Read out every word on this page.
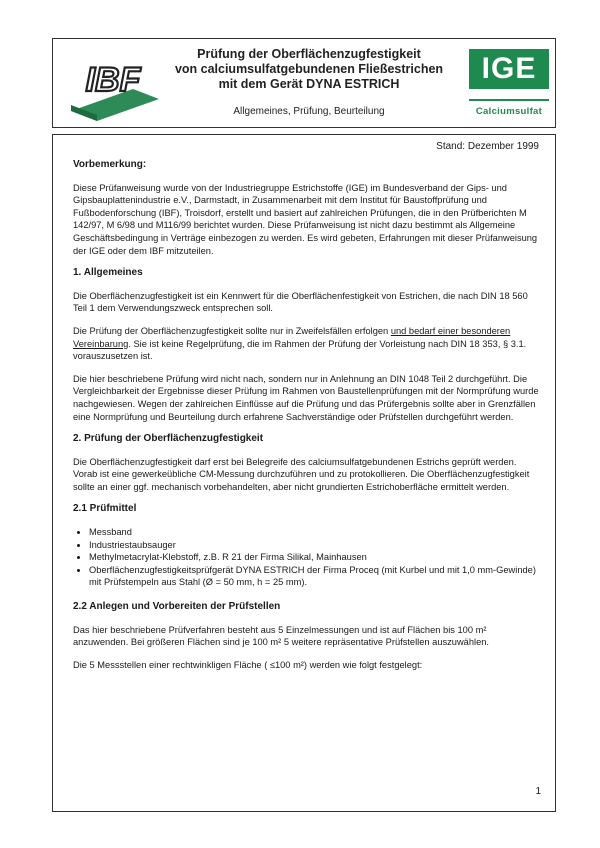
IBF
Prüfung der Oberflächenzugfestigkeit
von calciumsulfatgebundenen Fließestrichen
mit dem Gerät DYNA ESTRICH
Allgemeines, Prüfung, Beurteilung
IGE
Calciumsulfat
Stand: Dezember 1999
Vorbemerkung:

Diese Prüfanweisung wurde von der Industriegruppe Estrichstoffe (IGE) im Bundesverband der Gips- und Gipsbauplattenindustrie e.V., Darmstadt, in Zusammenarbeit mit dem Institut für Baustoffprüfung und Fußbodenforschung (IBF), Troisdorf, erstellt und basiert auf zahlreichen Prüfungen, die in den Prüfberichten M 142/97, M 6/98 und M116/99 berichtet wurden. Diese Prüfanweisung ist nicht dazu bestimmt als Allgemeine Geschäftsbedingung in Verträge einbezogen zu werden. Es wird gebeten, Erfahrungen mit dieser Prüfanweisung der IGE oder dem IBF mitzuteilen.

1. Allgemeines

Die Oberflächenzugfestigkeit ist ein Kennwert für die Oberflächenfestigkeit von Estrichen, die nach DIN 18 560 Teil 1 dem Verwendungszweck entsprechen soll.

Die Prüfung der Oberflächenzugfestigkeit sollte nur in Zweifelsfällen erfolgen und bedarf einer besonderen Vereinbarung. Sie ist keine Regelprüfung, die im Rahmen der Prüfung der Vorleistung nach DIN 18 353, § 3.1. vorauszusetzen ist.

Die hier beschriebene Prüfung wird nicht nach, sondern nur in Anlehnung an DIN 1048 Teil 2 durchgeführt. Die Vergleichbarkeit der Ergebnisse dieser Prüfung im Rahmen von Baustellenprüfungen mit der Normprüfung wurde nachgewiesen. Wegen der zahlreichen Einflüsse auf die Prüfung und das Prüfergebnis sollte aber in Grenzfällen eine Normprüfung und Beurteilung durch erfahrene Sachverständige oder Prüfstellen durchgeführt werden.

2. Prüfung der Oberflächenzugfestigkeit

Die Oberflächenzugfestigkeit darf erst bei Belegreife des calciumsulfatgebundenen Estrichs geprüft werden. Vorab ist eine gewerkeübliche CM-Messung durchzuführen und zu protokollieren. Die Oberflächenzugfestigkeit sollte an einer ggf. mechanisch vorbehandelten, aber nicht grundierten Estrichoberfläche ermittelt werden.

2.1 Prüfmittel
• Messband
• Industriestaubsauger
• Methylmetacrylat-Klebstoff, z.B. R 21 der Firma Silikal, Mainhausen
• Oberflächenzugfestigkeitsprüfgerät DYNA ESTRICH der Firma Proceq (mit Kurbel und mit 1,0 mm-Gewinde) mit Prüfstempeln aus Stahl (Ø = 50 mm, h = 25 mm).
2.2 Anlegen und Vorbereiten der Prüfstellen

Das hier beschriebene Prüfverfahren besteht aus 5 Einzelmessungen und ist auf Flächen bis 100 m² anzuwenden. Bei größeren Flächen sind je 100 m² 5 weitere repräsentative Prüfstellen auszuwählen.

Die 5 Messstellen einer rechtwinkligen Fläche ( ≤100 m²) werden wie folgt festgelegt:

1
